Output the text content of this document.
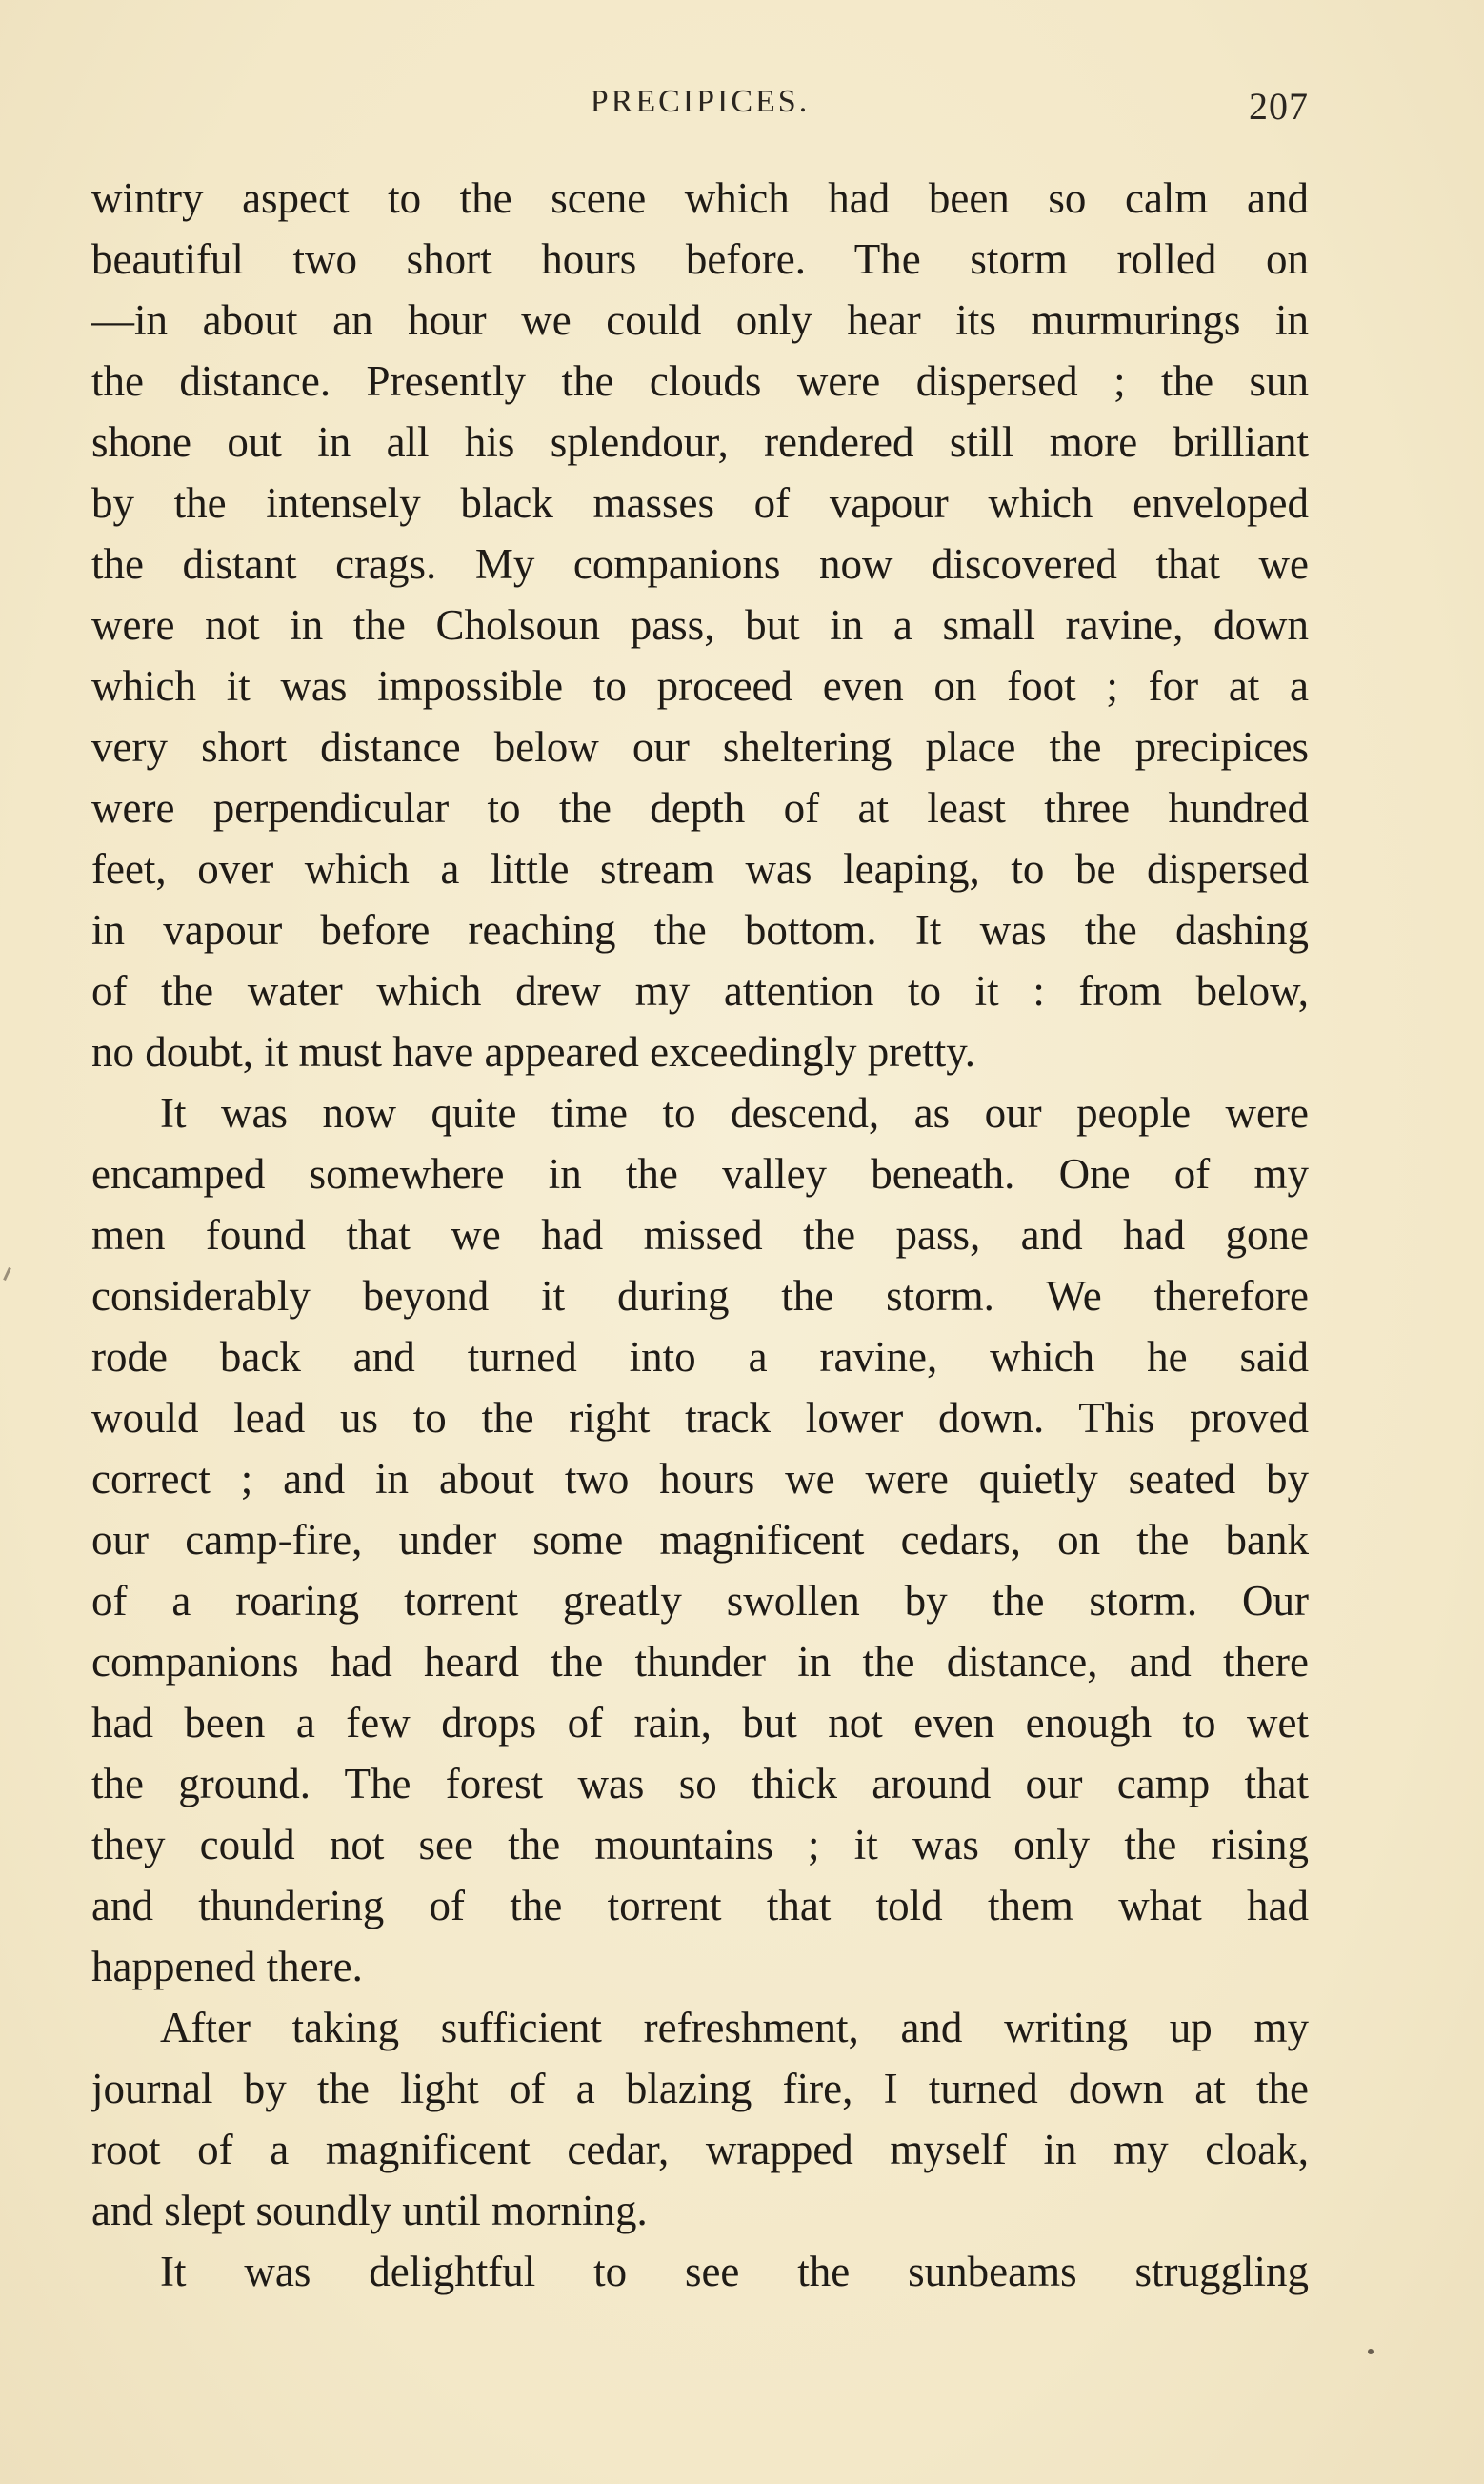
PRECIPICES.	207
wintry aspect to the scene which had been so calm and
beautiful two short hours before. The storm rolled on
—in about an hour we could only hear its murmurings in
the distance. Presently the clouds were dispersed ; the sun
shone out in all his splendour, rendered still more brilliant
by the intensely black masses of vapour which enveloped
the distant crags. My companions now discovered that we
were not in the Cholsoun pass, but in a small ravine, down
which it was impossible to proceed even on foot ; for at a
very short distance below our sheltering place the precipices
were perpendicular to the depth of at least three hundred
feet, over which a little stream was leaping, to be dispersed
in vapour before reaching the bottom. It was the dashing
of the water which drew my attention to it : from below,
no doubt, it must have appeared exceedingly pretty.
It was now quite time to descend, as our people were
encamped somewhere in the valley beneath. One of my
men found that we had missed the pass, and had gone
considerably beyond it during the storm. We therefore
rode back and turned into a ravine, which he said
would lead us to the right track lower down. This proved
correct ; and in about two hours we were quietly seated by
our camp-fire, under some magnificent cedars, on the bank
of a roaring torrent greatly swollen by the storm. Our
companions had heard the thunder in the distance, and there
had been a few drops of rain, but not even enough to wet
the ground. The forest was so thick around our camp that
they could not see the mountains ; it was only the rising
and thundering of the torrent that told them what had
happened there.
After taking sufficient refreshment, and writing up my
journal by the light of a blazing fire, I turned down at the
root of a magnificent cedar, wrapped myself in my cloak,
and slept soundly until morning.
It was delightful to see the sunbeams struggling
